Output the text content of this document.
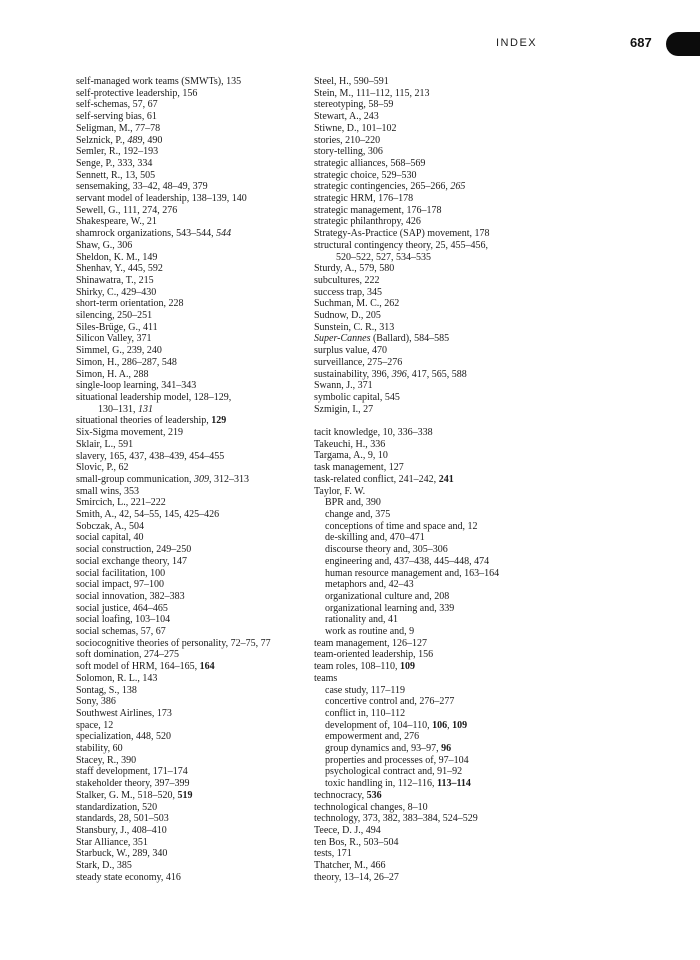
INDEX	687
self-managed work teams (SMWTs), 135
self-protective leadership, 156
self-schemas, 57, 67
self-serving bias, 61
Seligman, M., 77–78
Selznick, P., 489, 490
Semler, R., 192–193
Senge, P., 333, 334
Sennett, R., 13, 505
sensemaking, 33–42, 48–49, 379
servant model of leadership, 138–139, 140
Sewell, G., 111, 274, 276
Shakespeare, W., 21
shamrock organizations, 543–544, 544
Shaw, G., 306
Sheldon, K. M., 149
Shenhav, Y., 445, 592
Shinawatra, T., 215
Shirky, C., 429–430
short-term orientation, 228
silencing, 250–251
Siles-Brüge, G., 411
Silicon Valley, 371
Simmel, G., 239, 240
Simon, H., 286–287, 548
Simon, H. A., 288
single-loop learning, 341–343
situational leadership model, 128–129,
130–131, 131
situational theories of leadership, 129
Six-Sigma movement, 219
Sklair, L., 591
slavery, 165, 437, 438–439, 454–455
Slovic, P., 62
small-group communication, 309, 312–313
small wins, 353
Smircich, L., 221–222
Smith, A., 42, 54–55, 145, 425–426
Sobczak, A., 504
social capital, 40
social construction, 249–250
social exchange theory, 147
social facilitation, 100
social impact, 97–100
social innovation, 382–383
social justice, 464–465
social loafing, 103–104
social schemas, 57, 67
sociocognitive theories of personality, 72–75, 77
soft domination, 274–275
soft model of HRM, 164–165, 164
Solomon, R. L., 143
Sontag, S., 138
Sony, 386
Southwest Airlines, 173
space, 12
specialization, 448, 520
stability, 60
Stacey, R., 390
staff development, 171–174
stakeholder theory, 397–399
Stalker, G. M., 518–520, 519
standardization, 520
standards, 28, 501–503
Stansbury, J., 408–410
Star Alliance, 351
Starbuck, W., 289, 340
Stark, D., 385
steady state economy, 416
Steel, H., 590–591
Stein, M., 111–112, 115, 213
stereotyping, 58–59
Stewart, A., 243
Stiwne, D., 101–102
stories, 210–220
story-telling, 306
strategic alliances, 568–569
strategic choice, 529–530
strategic contingencies, 265–266, 265
strategic HRM, 176–178
strategic management, 176–178
strategic philanthropy, 426
Strategy-As-Practice (SAP) movement, 178
structural contingency theory, 25, 455–456,
520–522, 527, 534–535
Sturdy, A., 579, 580
subcultures, 222
success trap, 345
Suchman, M. C., 262
Sudnow, D., 205
Sunstein, C. R., 313
Super-Cannes (Ballard), 584–585
surplus value, 470
surveillance, 275–276
sustainability, 396, 396, 417, 565, 588
Swann, J., 371
symbolic capital, 545
Szmigin, I., 27
tacit knowledge, 10, 336–338
Takeuchi, H., 336
Targama, A., 9, 10
task management, 127
task-related conflict, 241–242, 241
Taylor, F. W.
BPR and, 390
change and, 375
conceptions of time and space and, 12
de-skilling and, 470–471
discourse theory and, 305–306
engineering and, 437–438, 445–448, 474
human resource management and, 163–164
metaphors and, 42–43
organizational culture and, 208
organizational learning and, 339
rationality and, 41
work as routine and, 9
team management, 126–127
team-oriented leadership, 156
team roles, 108–110, 109
teams
case study, 117–119
concertive control and, 276–277
conflict in, 110–112
development of, 104–110, 106, 109
empowerment and, 276
group dynamics and, 93–97, 96
properties and processes of, 97–104
psychological contract and, 91–92
toxic handling in, 112–116, 113–114
technocracy, 536
technological changes, 8–10
technology, 373, 382, 383–384, 524–529
Teece, D. J., 494
ten Bos, R., 503–504
tests, 171
Thatcher, M., 466
theory, 13–14, 26–27
